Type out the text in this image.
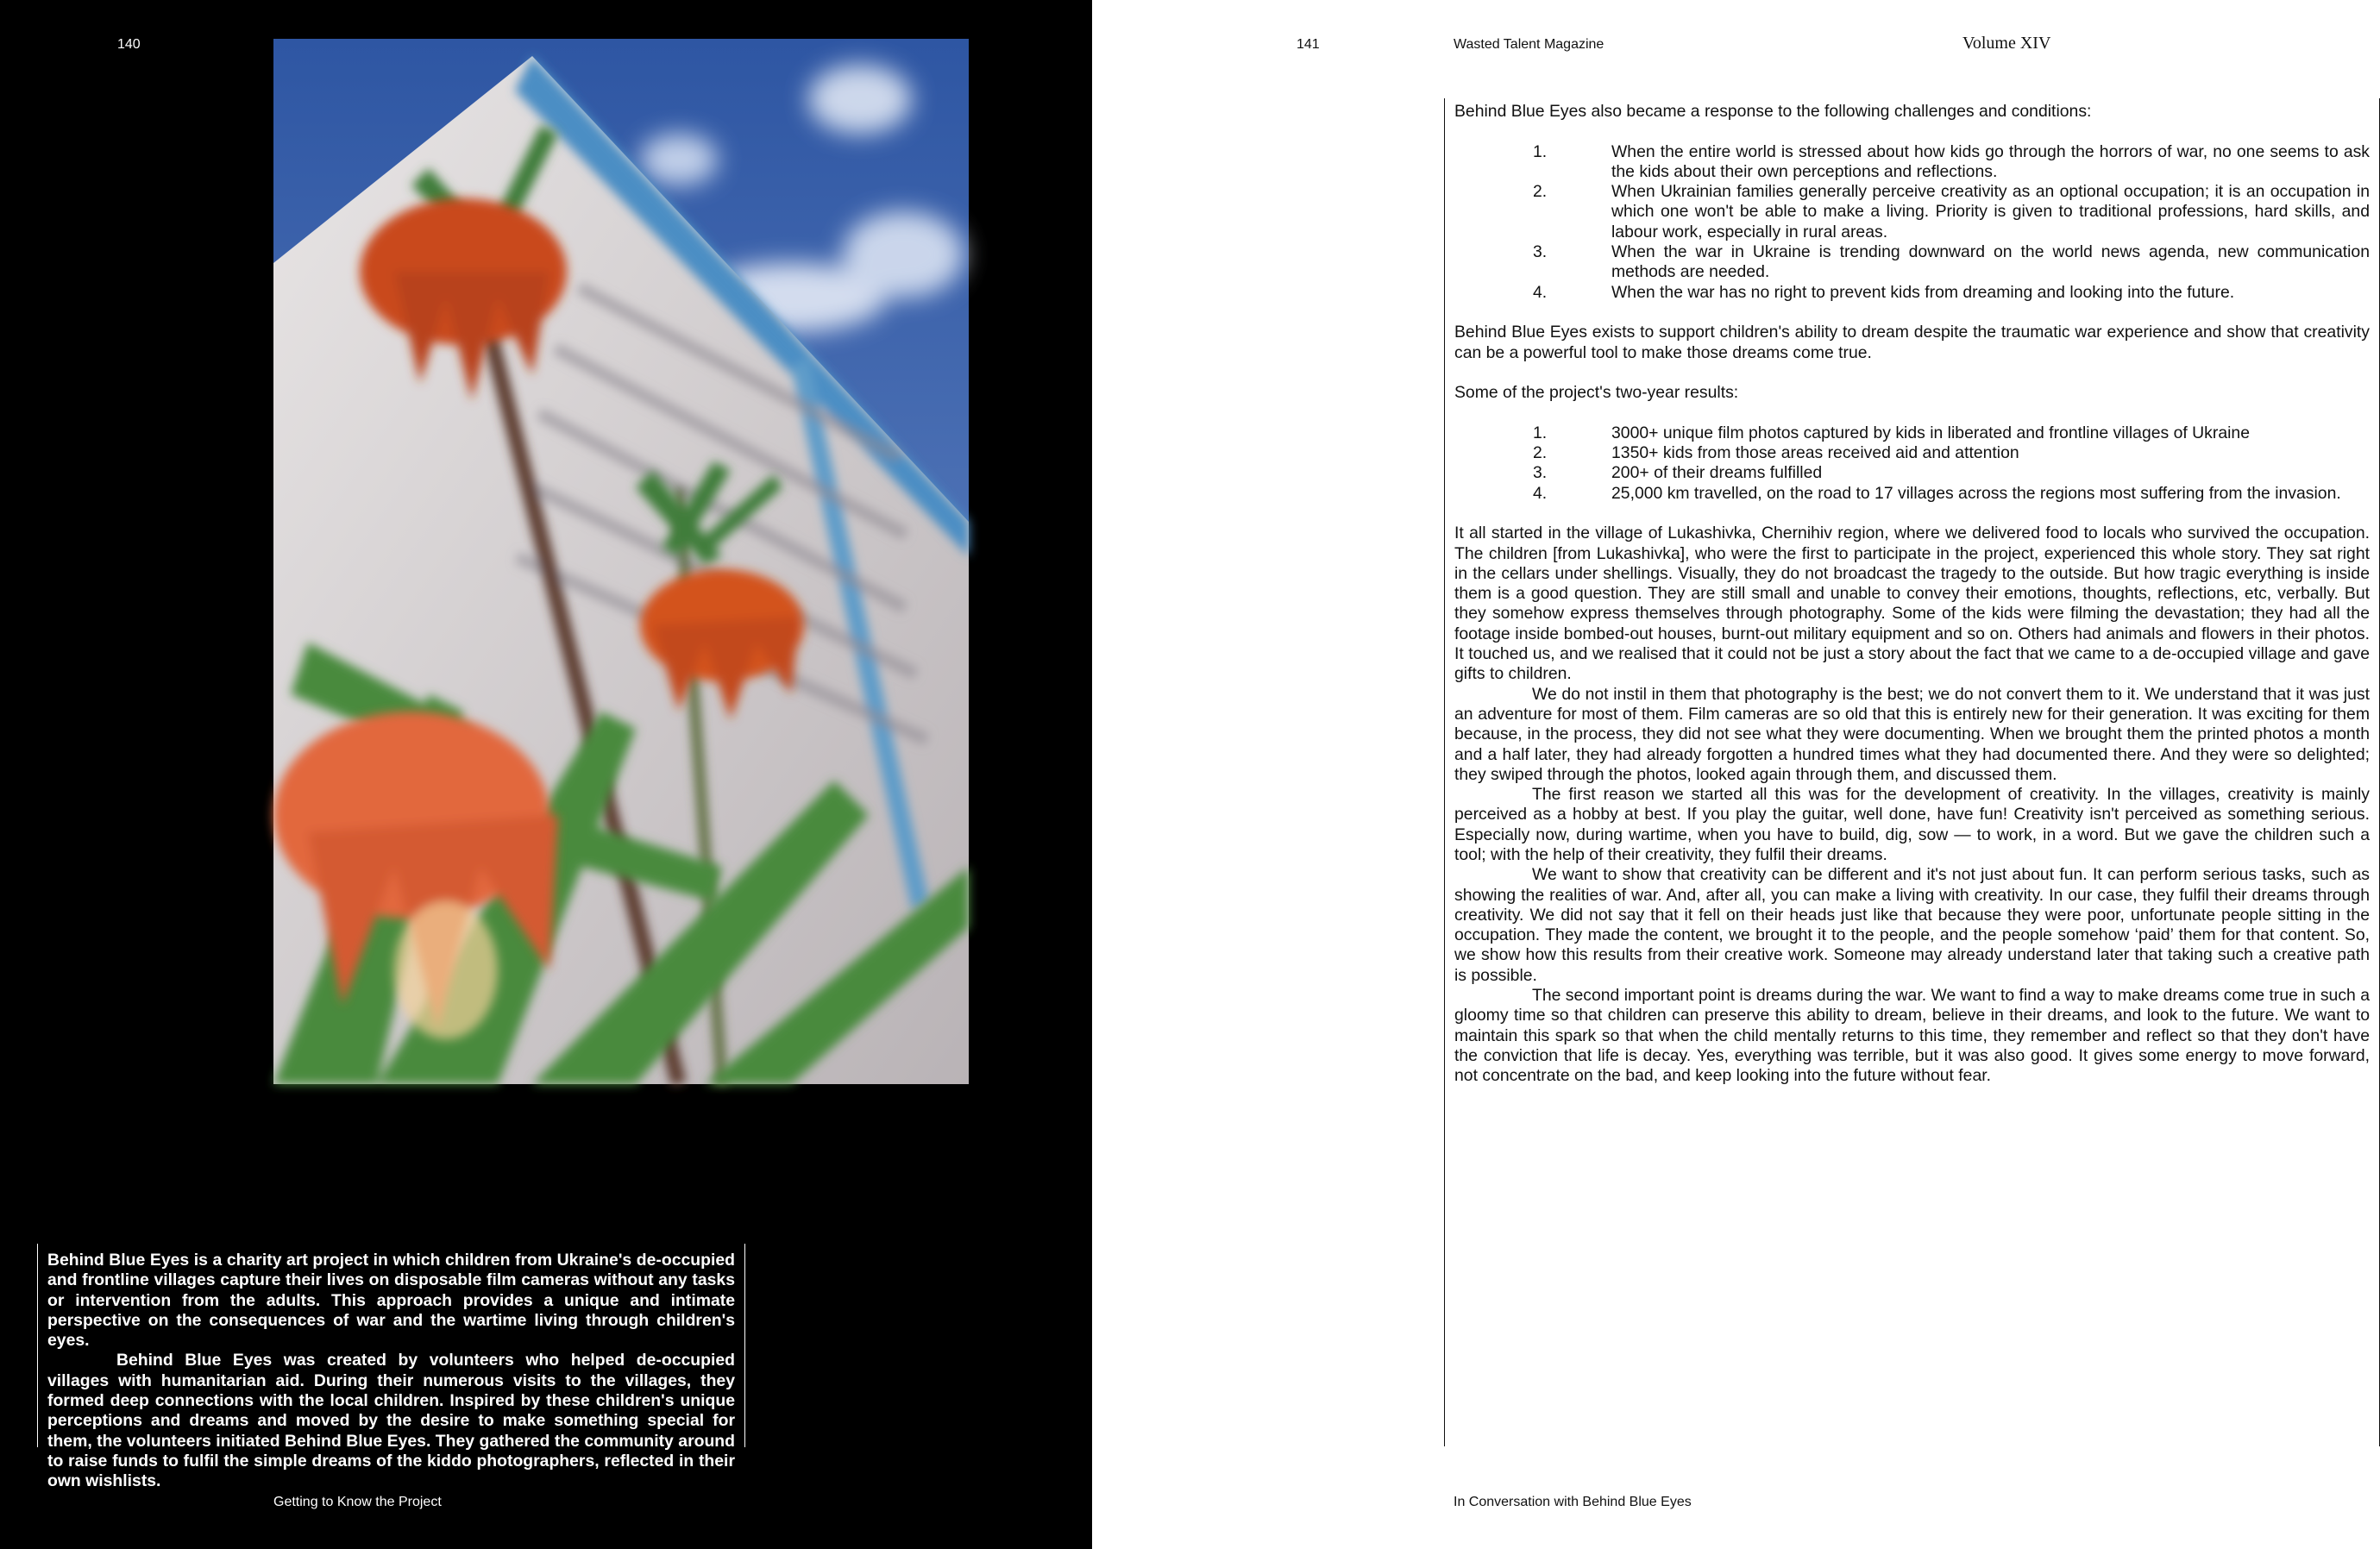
140

Behind Blue Eyes is a charity art project in which children from Ukraine's de-occupied and frontline villages capture their lives on disposable film cameras without any tasks or intervention from the adults. This approach provides a unique and intimate perspective on the consequences of war and the wartime living through children's eyes.

Behind Blue Eyes was created by volunteers who helped de-occupied villages with humanitarian aid. During their numerous visits to the villages, they formed deep connections with the local children. Inspired by these children's unique perceptions and dreams and moved by the desire to make something special for them, the volunteers initiated Behind Blue Eyes. They gathered the community around to raise funds to fulfil the simple dreams of the kiddo photographers, reflected in their own wishlists.

Getting to Know the Project
141	Wasted Talent Magazine	Volume XIV

Behind Blue Eyes also became a response to the following challenges and conditions:

1.	When the entire world is stressed about how kids go through the horrors of war, no one seems to ask the kids about their own perceptions and reflections.
2.	When Ukrainian families generally perceive creativity as an optional occupation; it is an occupation in which one won't be able to make a living. Priority is given to traditional professions, hard skills, and labour work, especially in rural areas.
3.	When the war in Ukraine is trending downward on the world news agenda, new communication methods are needed.
4.	When the war has no right to prevent kids from dreaming and looking into the future.

Behind Blue Eyes exists to support children's ability to dream despite the traumatic war experience and show that creativity can be a powerful tool to make those dreams come true.

Some of the project's two-year results:

1.	3000+ unique film photos captured by kids in liberated and frontline villages of Ukraine
2.	1350+ kids from those areas received aid and attention
3.	200+ of their dreams fulfilled
4.	25,000 km travelled, on the road to 17 villages across the regions most suffering from the invasion.

It all started in the village of Lukashivka, Chernihiv region, where we delivered food to locals who survived the occupation. The children [from Lukashivka], who were the first to participate in the project, experienced this whole story. They sat right in the cellars under shellings. Visually, they do not broadcast the tragedy to the outside. But how tragic everything is inside them is a good question. They are still small and unable to convey their emotions, thoughts, reflections, etc, verbally. But they somehow express themselves through photography. Some of the kids were filming the devastation; they had all the footage inside bombed-out houses, burnt-out military equipment and so on. Others had animals and flowers in their photos. It touched us, and we realised that it could not be just a story about the fact that we came to a de-occupied village and gave gifts to children.

We do not instil in them that photography is the best; we do not convert them to it. We understand that it was just an adventure for most of them. Film cameras are so old that this is entirely new for their generation. It was exciting for them because, in the process, they did not see what they were documenting. When we brought them the printed photos a month and a half later, they had already forgotten a hundred times what they had documented there. And they were so delighted; they swiped through the photos, looked again through them, and discussed them.

The first reason we started all this was for the development of creativity. In the villages, creativity is mainly perceived as a hobby at best. If you play the guitar, well done, have fun! Creativity isn't perceived as something serious. Especially now, during wartime, when you have to build, dig, sow — to work, in a word. But we gave the children such a tool; with the help of their creativity, they fulfil their dreams.

We want to show that creativity can be different and it's not just about fun. It can perform serious tasks, such as showing the realities of war. And, after all, you can make a living with creativity. In our case, they fulfil their dreams through creativity. We did not say that it fell on their heads just like that because they were poor, unfortunate people sitting in the occupation. They made the content, we brought it to the people, and the people somehow ‘paid’ them for that content. So, we show how this results from their creative work. Someone may already understand later that taking such a creative path is possible.

The second important point is dreams during the war. We want to find a way to make dreams come true in such a gloomy time so that children can preserve this ability to dream, believe in their dreams, and look to the future. We want to maintain this spark so that when the child mentally returns to this time, they remember and reflect so that they don't have the conviction that life is decay. Yes, everything was terrible, but it was also good. It gives some energy to move forward, not concentrate on the bad, and keep looking into the future without fear.

In Conversation with Behind Blue Eyes
